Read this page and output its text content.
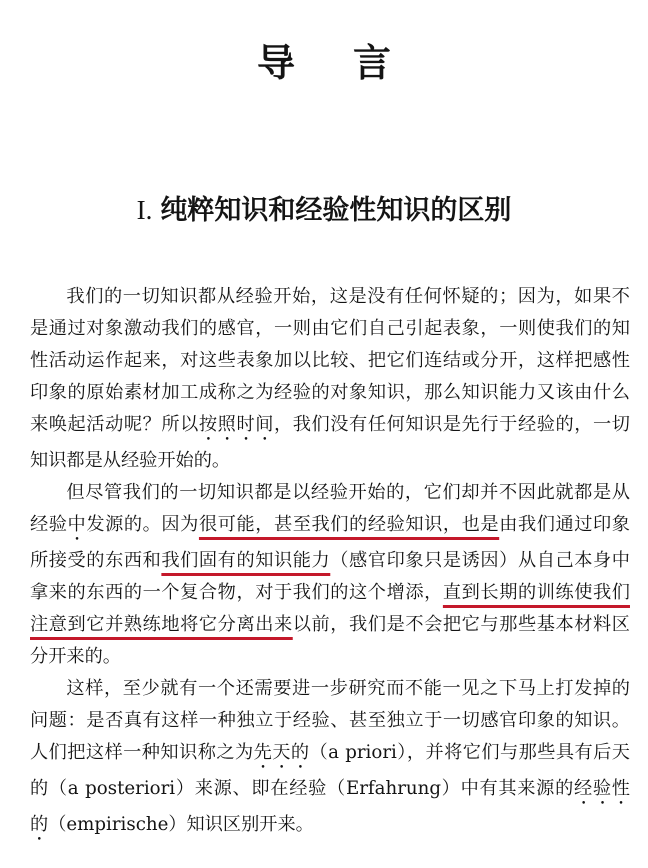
导言
I. 纯粹知识和经验性知识的区别

我们的一切知识都从经验开始，这是没有任何怀疑的；因为，如果不是通过对象激动我们的感官，一则由它们自己引起表象，一则使我们的知性活动运作起来，对这些表象加以比较、把它们连结或分开，这样把感性印象的原始素材加工成称之为经验的对象知识，那么知识能力又该由什么来唤起活动呢？所以按照时间，我们没有任何知识是先行于经验的，一切知识都是从经验开始的。

但尽管我们的一切知识都是以经验开始的，它们却并不因此就都是从经验中发源的。因为很可能，甚至我们的经验知识，也是由我们通过印象所接受的东西和我们固有的知识能力（感官印象只是诱因）从自己本身中拿来的东西的一个复合物，对于我们的这个增添，直到长期的训练使我们注意到它并熟练地将它分离出来以前，我们是不会把它与那些基本材料区分开来的。

这样，至少就有一个还需要进一步研究而不能一见之下马上打发掉的问题：是否真有这样一种独立于经验、甚至独立于一切感官印象的知识。人们把这样一种知识称之为先天的（a priori），并将它们与那些具有后天的（a posteriori）来源、即在经验（Erfahrung）中有其来源的经验性的（empirische）知识区别开来。
